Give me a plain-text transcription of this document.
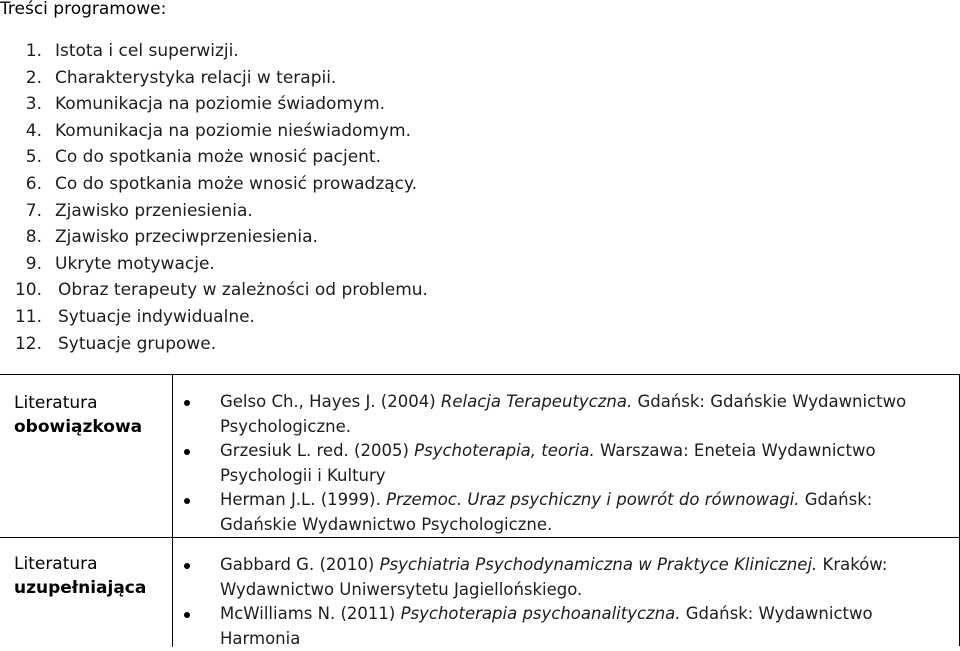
Treści programowe:
1. Istota i cel superwizji.
2. Charakterystyka relacji w terapii.
3. Komunikacja na poziomie świadomym.
4. Komunikacja na poziomie nieświadomym.
5. Co do spotkania może wnosić pacjent.
6. Co do spotkania może wnosić prowadzący.
7. Zjawisko przeniesienia.
8. Zjawisko przeciwprzeniesienia.
9. Ukryte motywacje.
10. Obraz terapeuty w zależności od problemu.
11. Sytuacje indywidualne.
12. Sytuacje grupowe.
Literatura
obowiązkowa
Gelso Ch., Hayes J. (2004) Relacja Terapeutyczna. Gdańsk: Gdańskie Wydawnictwo Psychologiczne.
Grzesiuk L. red. (2005) Psychoterapia, teoria. Warszawa: Eneteia Wydawnictwo Psychologii i Kultury
Herman J.L. (1999). Przemoc. Uraz psychiczny i powrót do równowagi. Gdańsk: Gdańskie Wydawnictwo Psychologiczne.
Literatura
uzupełniająca
Gabbard G. (2010) Psychiatria Psychodynamiczna w Praktyce Klinicznej. Kraków: Wydawnictwo Uniwersytetu Jagiellońskiego.
McWilliams N. (2011) Psychoterapia psychoanalityczna. Gdańsk: Wydawnictwo Harmonia
